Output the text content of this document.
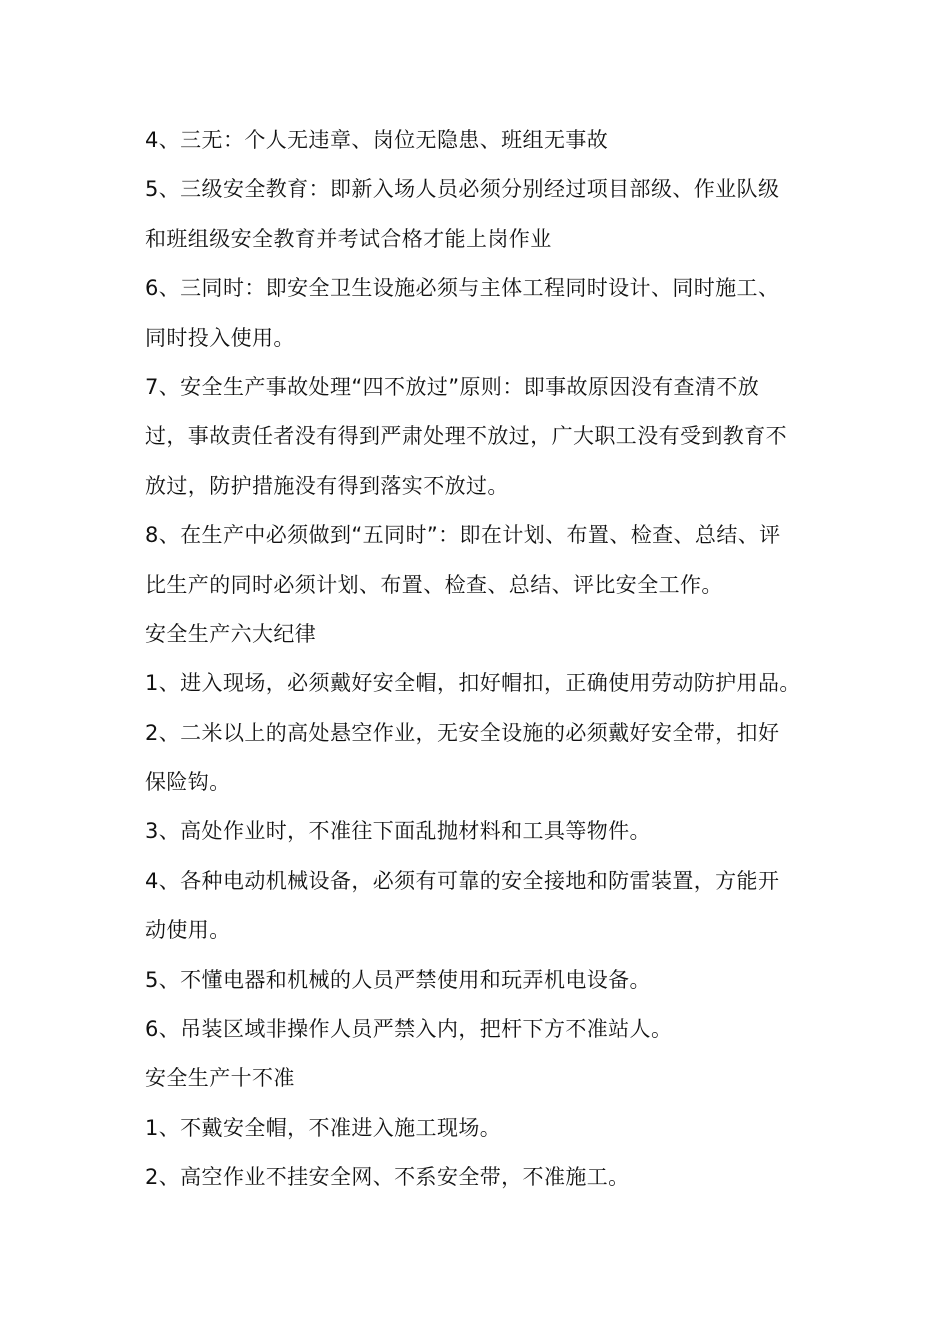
4、三无：个人无违章、岗位无隐患、班组无事故
5、三级安全教育：即新入场人员必须分别经过项目部级、作业队级
和班组级安全教育并考试合格才能上岗作业
6、三同时：即安全卫生设施必须与主体工程同时设计、同时施工、
同时投入使用。
7、安全生产事故处理“四不放过”原则：即事故原因没有查清不放
过，事故责任者没有得到严肃处理不放过，广大职工没有受到教育不
放过，防护措施没有得到落实不放过。
8、在生产中必须做到“五同时”：即在计划、布置、检查、总结、评
比生产的同时必须计划、布置、检查、总结、评比安全工作。
安全生产六大纪律
1、进入现场，必须戴好安全帽，扣好帽扣，正确使用劳动防护用品。
2、二米以上的高处悬空作业，无安全设施的必须戴好安全带，扣好
保险钩。
3、高处作业时，不准往下面乱抛材料和工具等物件。
4、各种电动机械设备，必须有可靠的安全接地和防雷装置，方能开
动使用。
5、不懂电器和机械的人员严禁使用和玩弄机电设备。
6、吊装区域非操作人员严禁入内，把杆下方不准站人。
安全生产十不准
1、不戴安全帽，不准进入施工现场。
2、高空作业不挂安全网、不系安全带，不准施工。
